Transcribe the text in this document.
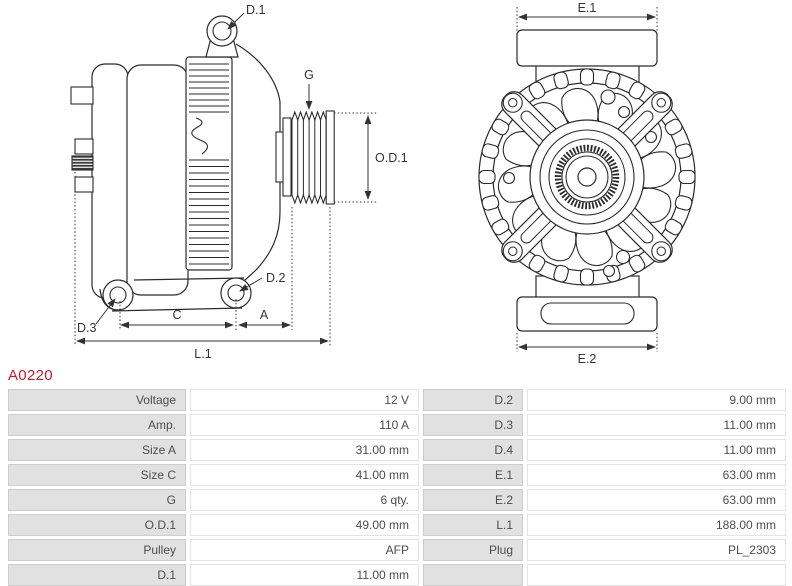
D.1
G
O.D.1
D.2
D.3
C	A
L.1
E.1
E.2
A0220
Voltage	12 V	D.2	9.00 mm
Amp.	110 A	D.3	11.00 mm
Size A	31.00 mm	D.4	11.00 mm
Size C	41.00 mm	E.1	63.00 mm
G	6 qty.	E.2	63.00 mm
O.D.1	49.00 mm	L.1	188.00 mm
Pulley	AFP	Plug	PL_2303
D.1	11.00 mm
